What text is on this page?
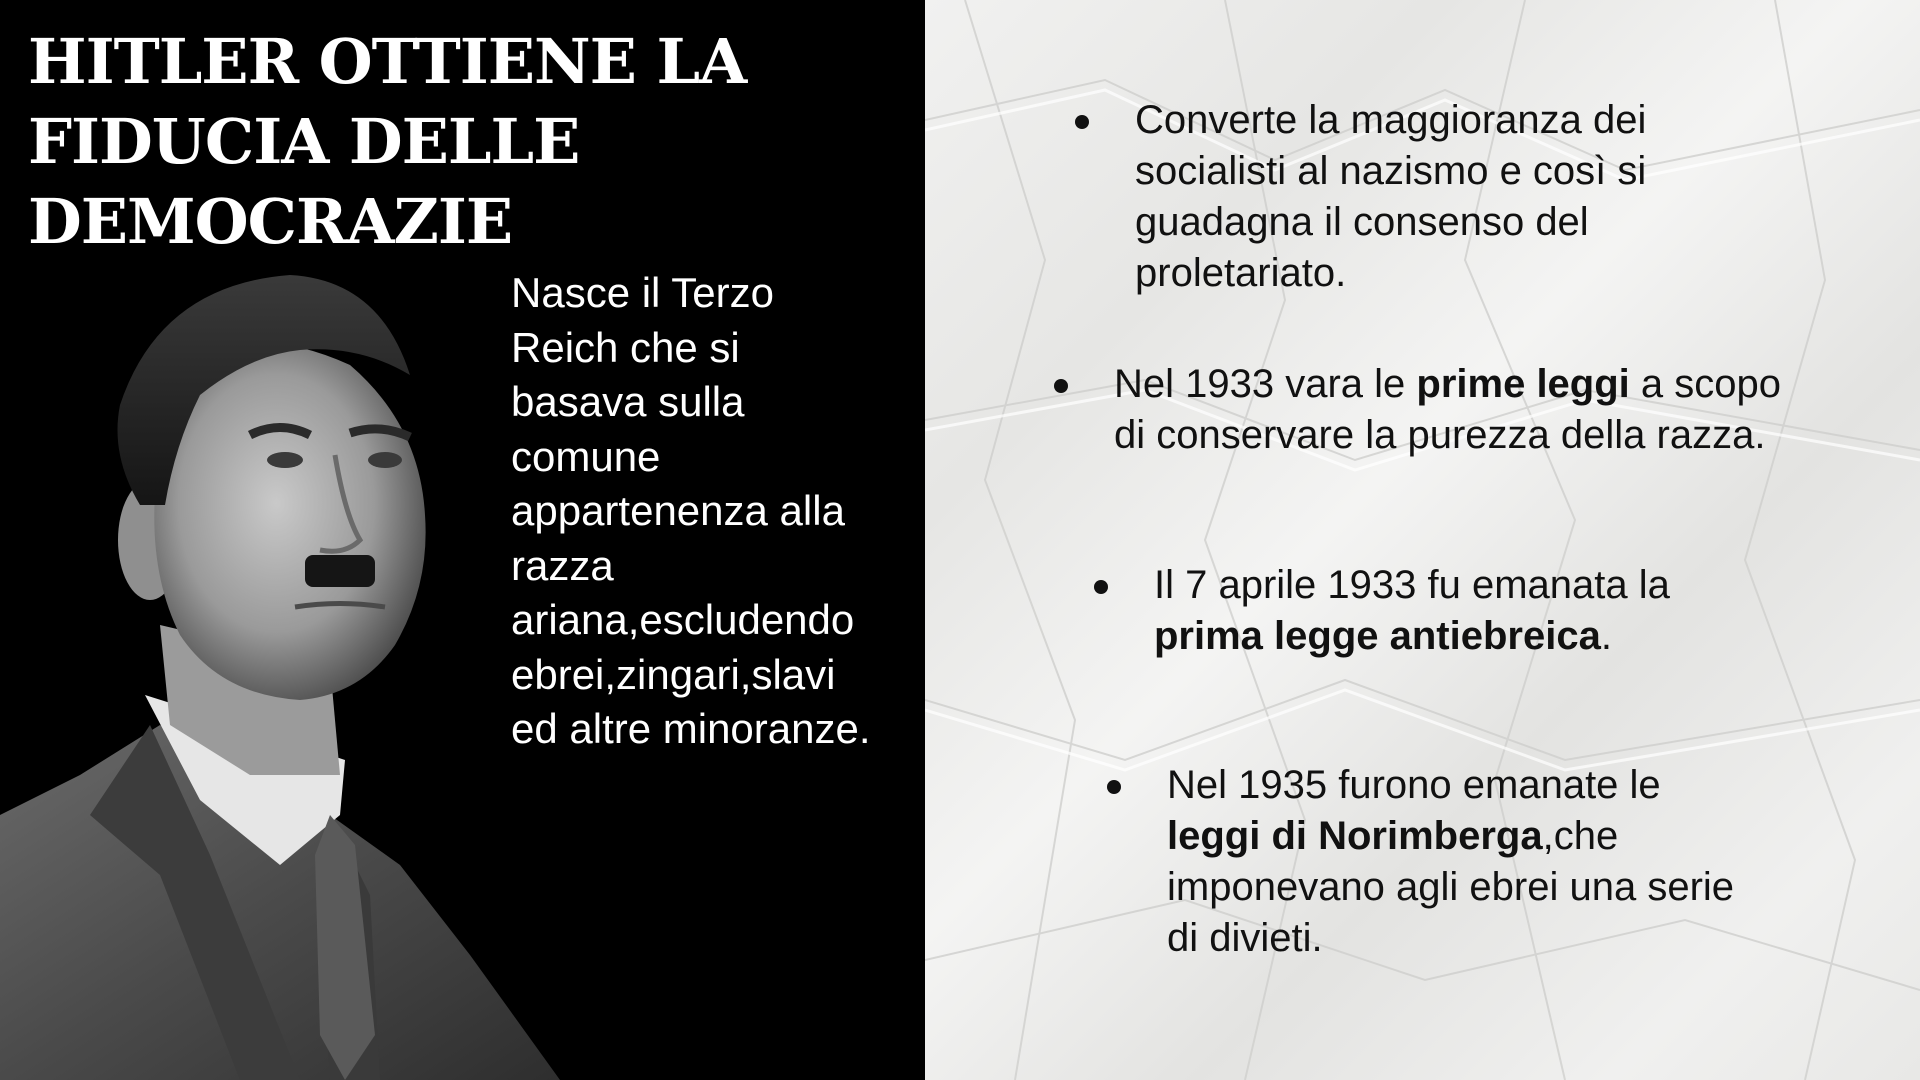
HITLER OTTIENE LA
FIDUCIA DELLE
DEMOCRAZIE

Nasce il Terzo
Reich che si
basava sulla
comune
appartenenza alla
razza
ariana,escludendo
ebrei,zingari,slavi
ed altre minoranze.

Converte la maggioranza dei
socialisti al nazismo e così si
guadagna il consenso del
proletariato.
Nel 1933 vara le prime leggi a scopo
di conservare la purezza della razza.
Il 7 aprile 1933 fu emanata la
prima legge antiebreica.
Nel 1935 furono emanate le
leggi di Norimberga,che
imponevano agli ebrei una serie
di divieti.
